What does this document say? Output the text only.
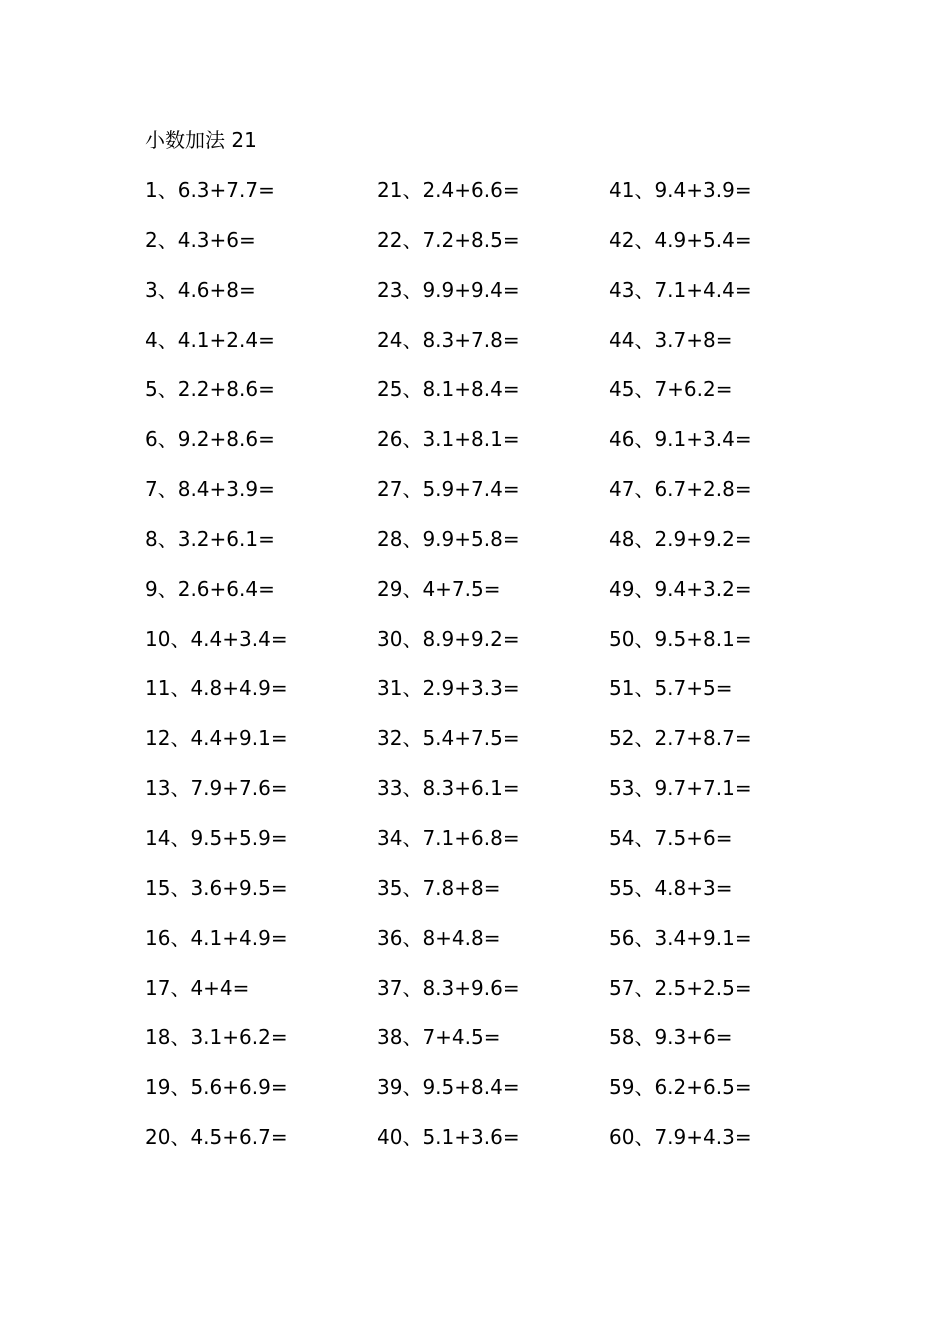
小数加法 21
1、6.3+7.7=
2、4.3+6=
3、4.6+8=
4、4.1+2.4=
5、2.2+8.6=
6、9.2+8.6=
7、8.4+3.9=
8、3.2+6.1=
9、2.6+6.4=
10、4.4+3.4=
11、4.8+4.9=
12、4.4+9.1=
13、7.9+7.6=
14、9.5+5.9=
15、3.6+9.5=
16、4.1+4.9=
17、4+4=
18、3.1+6.2=
19、5.6+6.9=
20、4.5+6.7=
21、2.4+6.6=
22、7.2+8.5=
23、9.9+9.4=
24、8.3+7.8=
25、8.1+8.4=
26、3.1+8.1=
27、5.9+7.4=
28、9.9+5.8=
29、4+7.5=
30、8.9+9.2=
31、2.9+3.3=
32、5.4+7.5=
33、8.3+6.1=
34、7.1+6.8=
35、7.8+8=
36、8+4.8=
37、8.3+9.6=
38、7+4.5=
39、9.5+8.4=
40、5.1+3.6=
41、9.4+3.9=
42、4.9+5.4=
43、7.1+4.4=
44、3.7+8=
45、7+6.2=
46、9.1+3.4=
47、6.7+2.8=
48、2.9+9.2=
49、9.4+3.2=
50、9.5+8.1=
51、5.7+5=
52、2.7+8.7=
53、9.7+7.1=
54、7.5+6=
55、4.8+3=
56、3.4+9.1=
57、2.5+2.5=
58、9.3+6=
59、6.2+6.5=
60、7.9+4.3=
